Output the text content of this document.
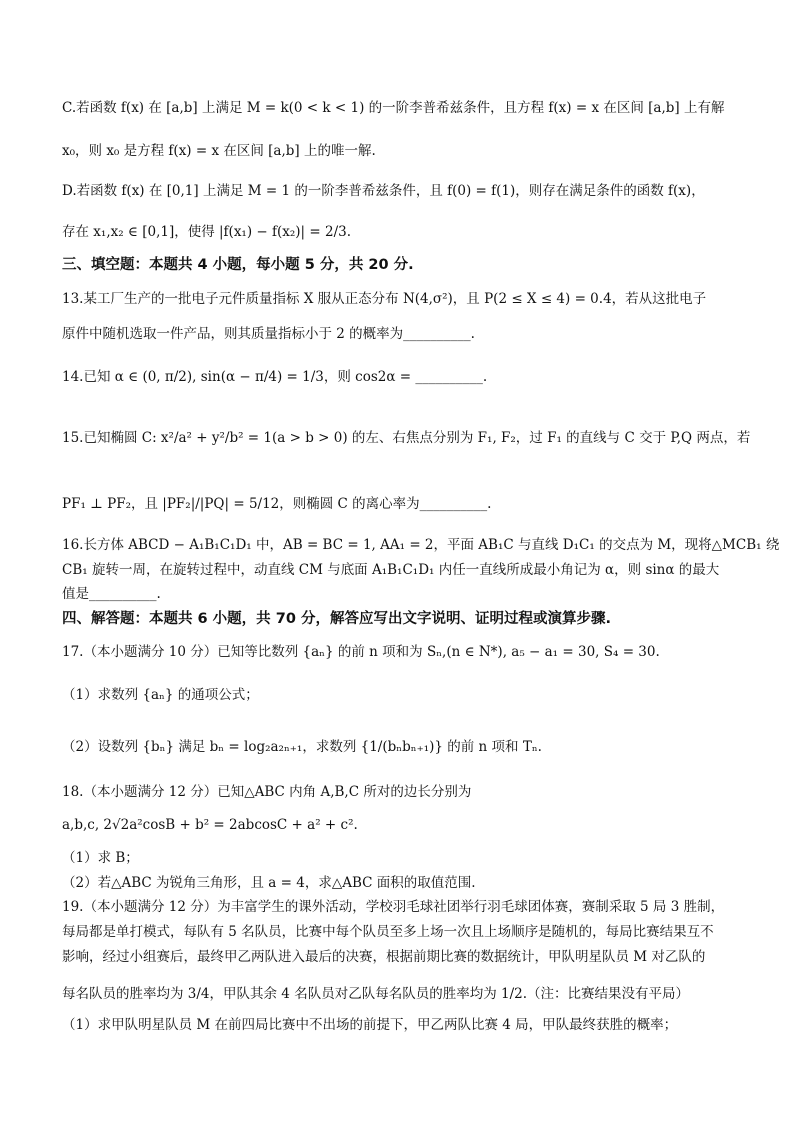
C.若函数 f(x) 在 [a,b] 上满足 M = k(0 < k < 1) 的一阶李普希兹条件，且方程 f(x) = x 在区间 [a,b] 上有解
x₀，则 x₀ 是方程 f(x) = x 在区间 [a,b] 上的唯一解.
D.若函数 f(x) 在 [0,1] 上满足 M = 1 的一阶李普希兹条件，且 f(0) = f(1)，则存在满足条件的函数 f(x)，
存在 x₁,x₂ ∈ [0,1]，使得 |f(x₁) − f(x₂)| = 2/3.
三、填空题：本题共 4 小题，每小题 5 分，共 20 分.
13.某工厂生产的一批电子元件质量指标 X 服从正态分布 N(4,σ²)，且 P(2 ≤ X ≤ 4) = 0.4，若从这批电子
原件中随机选取一件产品，则其质量指标小于 2 的概率为__________.
14.已知 α ∈ (0, π/2), sin(α − π/4) = 1/3，则 cos2α = __________.
15.已知椭圆 C: x²/a² + y²/b² = 1(a > b > 0) 的左、右焦点分别为 F₁, F₂，过 F₁ 的直线与 C 交于 P,Q 两点，若
PF₁ ⊥ PF₂，且 |PF₂|/|PQ| = 5/12，则椭圆 C 的离心率为__________.
16.长方体 ABCD − A₁B₁C₁D₁ 中，AB = BC = 1, AA₁ = 2，平面 AB₁C 与直线 D₁C₁ 的交点为 M，现将△MCB₁ 绕
CB₁ 旋转一周，在旋转过程中，动直线 CM 与底面 A₁B₁C₁D₁ 内任一直线所成最小角记为 α，则 sinα 的最大
值是__________.
四、解答题：本题共 6 小题，共 70 分，解答应写出文字说明、证明过程或演算步骤.
17.（本小题满分 10 分）已知等比数列 {aₙ} 的前 n 项和为 Sₙ,(n ∈ N*), a₅ − a₁ = 30, S₄ = 30.
（1）求数列 {aₙ} 的通项公式；
（2）设数列 {bₙ} 满足 bₙ = log₂a₂ₙ₊₁，求数列 {1/(bₙbₙ₊₁)} 的前 n 项和 Tₙ.
18.（本小题满分 12 分）已知△ABC 内角 A,B,C 所对的边长分别为
a,b,c, 2√2a²cosB + b² = 2abcosC + a² + c².
（1）求 B；
（2）若△ABC 为锐角三角形，且 a = 4，求△ABC 面积的取值范围.
19.（本小题满分 12 分）为丰富学生的课外活动，学校羽毛球社团举行羽毛球团体赛，赛制采取 5 局 3 胜制，
每局都是单打模式，每队有 5 名队员，比赛中每个队员至多上场一次且上场顺序是随机的，每局比赛结果互不
影响，经过小组赛后，最终甲乙两队进入最后的决赛，根据前期比赛的数据统计，甲队明星队员 M 对乙队的
每名队员的胜率均为 3/4，甲队其余 4 名队员对乙队每名队员的胜率均为 1/2.（注：比赛结果没有平局）
（1）求甲队明星队员 M 在前四局比赛中不出场的前提下，甲乙两队比赛 4 局，甲队最终获胜的概率；
